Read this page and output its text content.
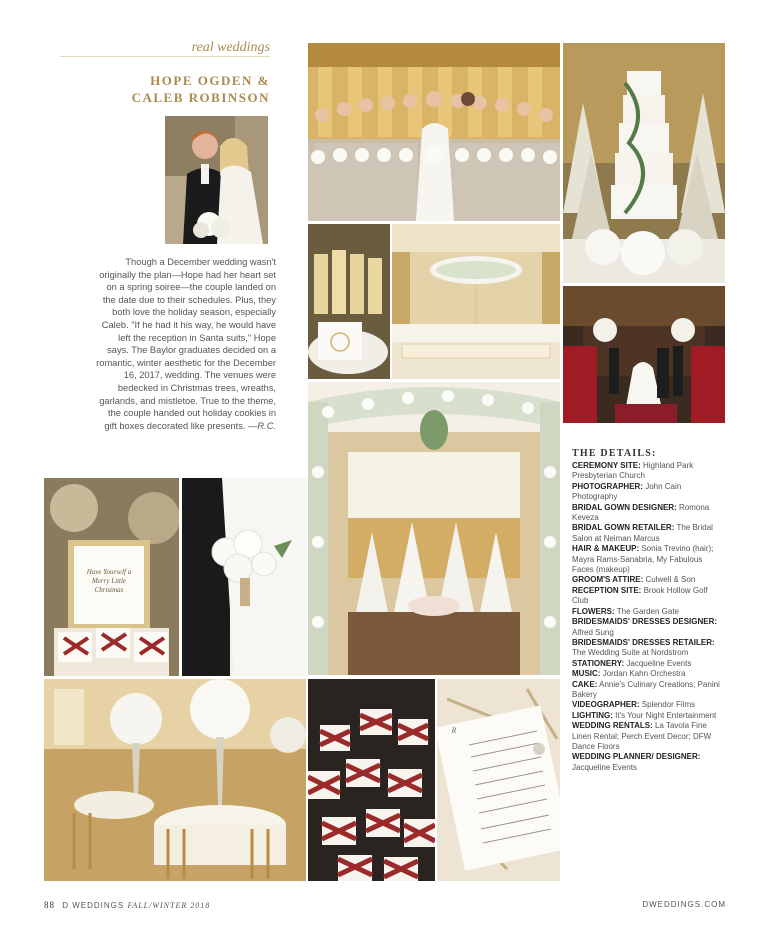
real weddings
HOPE OGDEN &
CALEB ROBINSON
Though a December wedding wasn't originally the plan—Hope had her heart set on a spring soiree—the couple landed on the date due to their schedules. Plus, they both love the holiday season, especially Caleb. "If he had it his way, he would have left the reception in Santa suits," Hope says. The Baylor graduates decided on a romantic, winter aesthetic for the December 16, 2017, wedding. The venues were bedecked in Christmas trees, wreaths, garlands, and mistletoe. True to the theme, the couple handed out holiday cookies in gift boxes decorated like presents. —R.C.
Have Yourself a Merry Little Christmas
R
THE DETAILS:
CEREMONY SITE: Highland Park Presbyterian Church
PHOTOGRAPHER: John Cain Photography
BRIDAL GOWN DESIGNER: Romona Keveza
BRIDAL GOWN RETAILER: The Bridal Salon at Neiman Marcus
HAIR & MAKEUP: Sonia Trevino (hair); Mayra Rams-Sanabria, My Fabulous Faces (makeup)
GROOM'S ATTIRE: Culwell & Son
RECEPTION SITE: Brook Hollow Golf Club
FLOWERS: The Garden Gate
BRIDESMAIDS' DRESSES DESIGNER: Alfred Sung
BRIDESMAIDS' DRESSES RETAILER: The Wedding Suite at Nordstrom
STATIONERY: Jacqueline Events
MUSIC: Jordan Kahn Orchestra
CAKE: Annie's Culinary Creations; Panini Bakery
VIDEOGRAPHER: Splendor Films
LIGHTING: It's Your Night Entertainment
WEDDING RENTALS: La Tavola Fine Linen Rental; Perch Event Decor; DFW Dance Floors
WEDDING PLANNER/ DESIGNER: Jacqueline Events
88 D WEDDINGS FALL/WINTER 2018	DWEDDINGS.COM
